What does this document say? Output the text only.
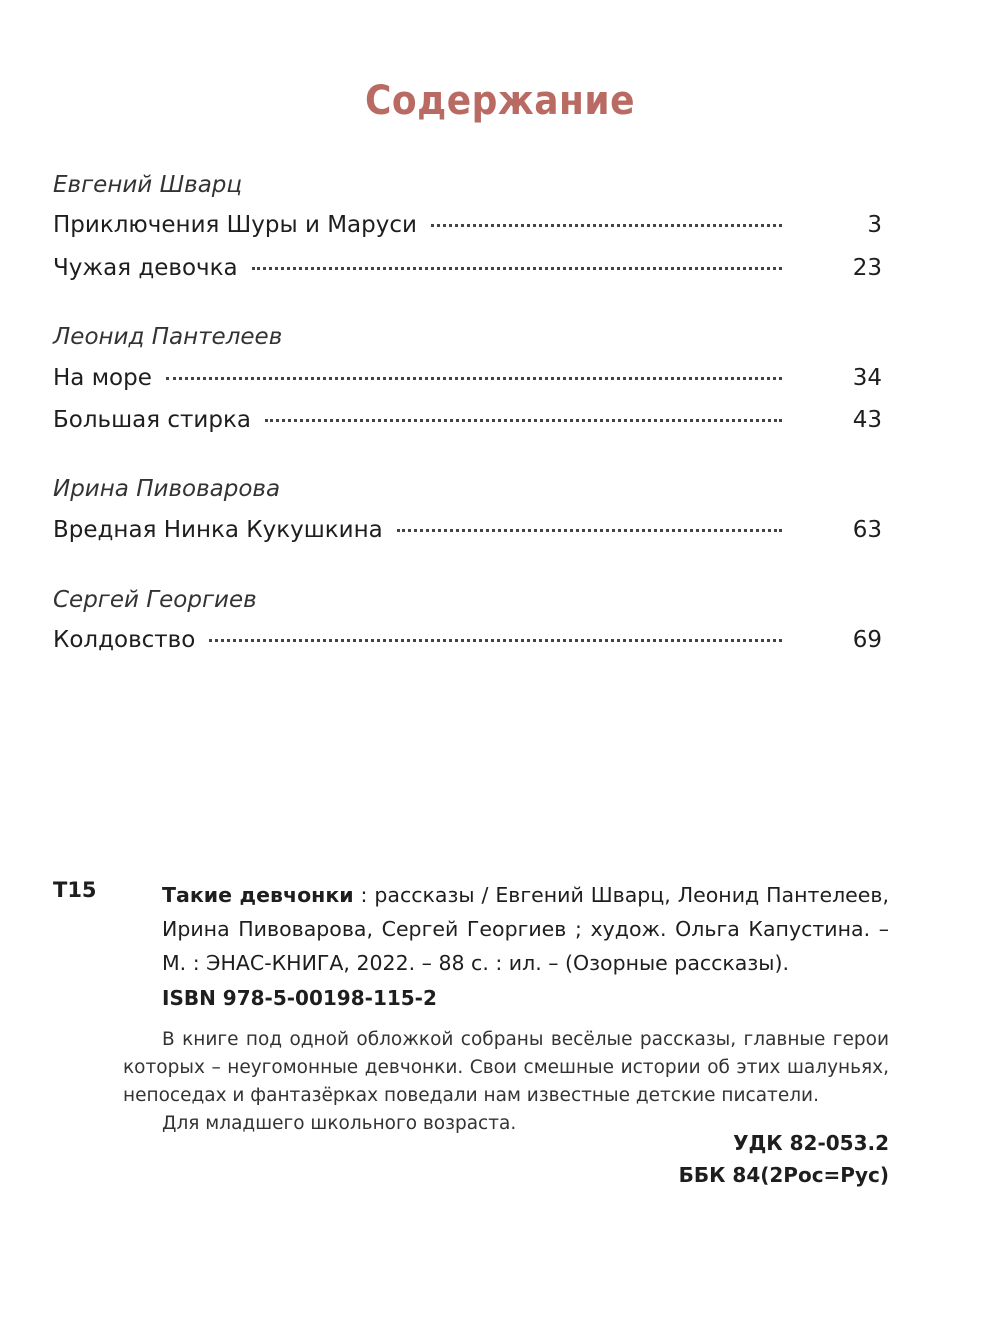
Содержание
Евгений Шварц
Приключения Шуры и Маруси	3
Чужая девочка	23
Леонид Пантелеев
На море	34
Большая стирка	43
Ирина Пивоварова
Вредная Нинка Кукушкина	63
Сергей Георгиев
Колдовство	69
Т15	Такие девчонки : рассказы / Евгений Шварц, Леонид Пантелеев, Ирина Пивоварова, Сергей Георгиев ; худож. Ольга Капустина. – М. : ЭНАС-КНИГА, 2022. – 88 с. : ил. – (Озорные рассказы).
ISBN 978-5-00198-115-2

В книге под одной обложкой собраны весёлые рассказы, главные герои которых – неугомонные девчонки. Свои смешные истории об этих шалуньях, непоседах и фантазёрках поведали нам известные детские писатели.

Для младшего школьного возраста.

УДК 82-053.2
ББК 84(2Рос=Рус)
